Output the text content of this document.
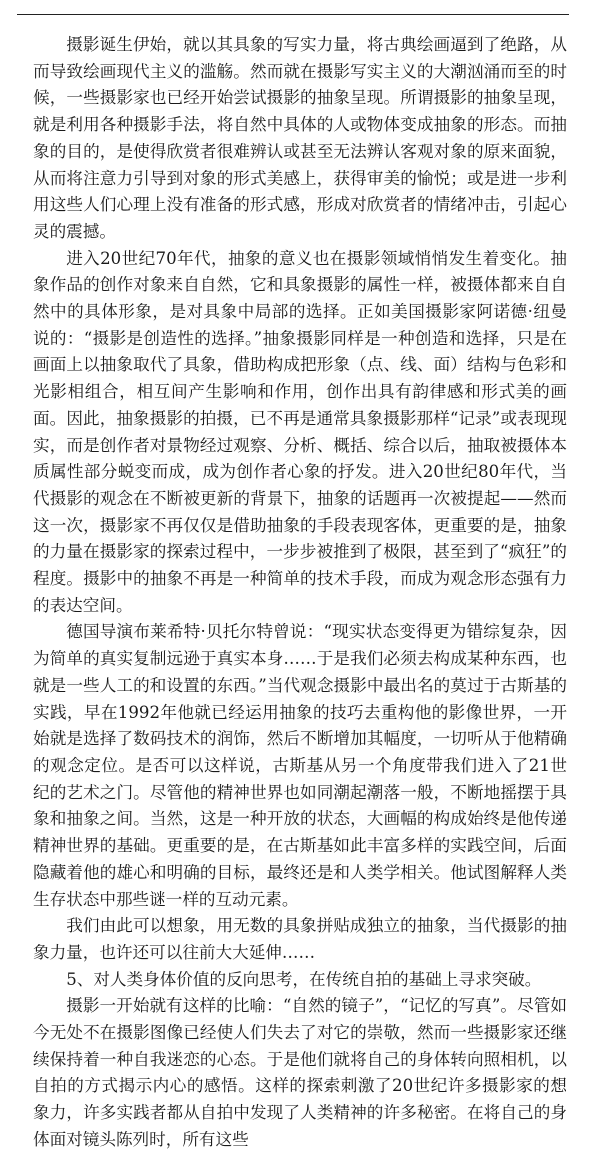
摄影诞生伊始，就以其具象的写实力量，将古典绘画逼到了绝路，从而导致绘画现代主义的滥觞。然而就在摄影写实主义的大潮汹涌而至的时候，一些摄影家也已经开始尝试摄影的抽象呈现。所谓摄影的抽象呈现，就是利用各种摄影手法，将自然中具体的人或物体变成抽象的形态。而抽象的目的，是使得欣赏者很难辨认或甚至无法辨认客观对象的原来面貌，从而将注意力引导到对象的形式美感上，获得审美的愉悦；或是进一步利用这些人们心理上没有准备的形式感，形成对欣赏者的情绪冲击，引起心灵的震撼。

进入20世纪70年代，抽象的意义也在摄影领域悄悄发生着变化。抽象作品的创作对象来自自然，它和具象摄影的属性一样，被摄体都来自自然中的具体形象，是对具象中局部的选择。正如美国摄影家阿诺德·纽曼说的：“摄影是创造性的选择。”抽象摄影同样是一种创造和选择，只是在画面上以抽象取代了具象，借助构成把形象（点、线、面）结构与色彩和光影相组合，相互间产生影响和作用，创作出具有韵律感和形式美的画面。因此，抽象摄影的拍摄，已不再是通常具象摄影那样“记录”或表现现实，而是创作者对景物经过观察、分析、概括、综合以后，抽取被摄体本质属性部分蜕变而成，成为创作者心象的抒发。进入20世纪80年代，当代摄影的观念在不断被更新的背景下，抽象的话题再一次被提起——然而这一次，摄影家不再仅仅是借助抽象的手段表现客体，更重要的是，抽象的力量在摄影家的探索过程中，一步步被推到了极限，甚至到了“疯狂”的程度。摄影中的抽象不再是一种简单的技术手段，而成为观念形态强有力的表达空间。

德国导演布莱希特·贝托尔特曾说：“现实状态变得更为错综复杂，因为简单的真实复制远逊于真实本身……于是我们必须去构成某种东西，也就是一些人工的和设置的东西。”当代观念摄影中最出名的莫过于古斯基的实践，早在1992年他就已经运用抽象的技巧去重构他的影像世界，一开始就是选择了数码技术的润饰，然后不断增加其幅度，一切听从于他精确的观念定位。是否可以这样说，古斯基从另一个角度带我们进入了21世纪的艺术之门。尽管他的精神世界也如同潮起潮落一般，不断地摇摆于具象和抽象之间。当然，这是一种开放的状态，大画幅的构成始终是他传递精神世界的基础。更重要的是，在古斯基如此丰富多样的实践空间，后面隐藏着他的雄心和明确的目标，最终还是和人类学相关。他试图解释人类生存状态中那些谜一样的互动元素。

我们由此可以想象，用无数的具象拼贴成独立的抽象，当代摄影的抽象力量，也许还可以往前大大延伸……

5、对人类身体价值的反向思考，在传统自拍的基础上寻求突破。

摄影一开始就有这样的比喻：“自然的镜子”，“记忆的写真”。尽管如今无处不在摄影图像已经使人们失去了对它的崇敬，然而一些摄影家还继续保持着一种自我迷恋的心态。于是他们就将自己的身体转向照相机，以自拍的方式揭示内心的感悟。这样的探索刺激了20世纪许多摄影家的想象力，许多实践者都从自拍中发现了人类精神的许多秘密。在将自己的身体面对镜头陈列时，所有这些
